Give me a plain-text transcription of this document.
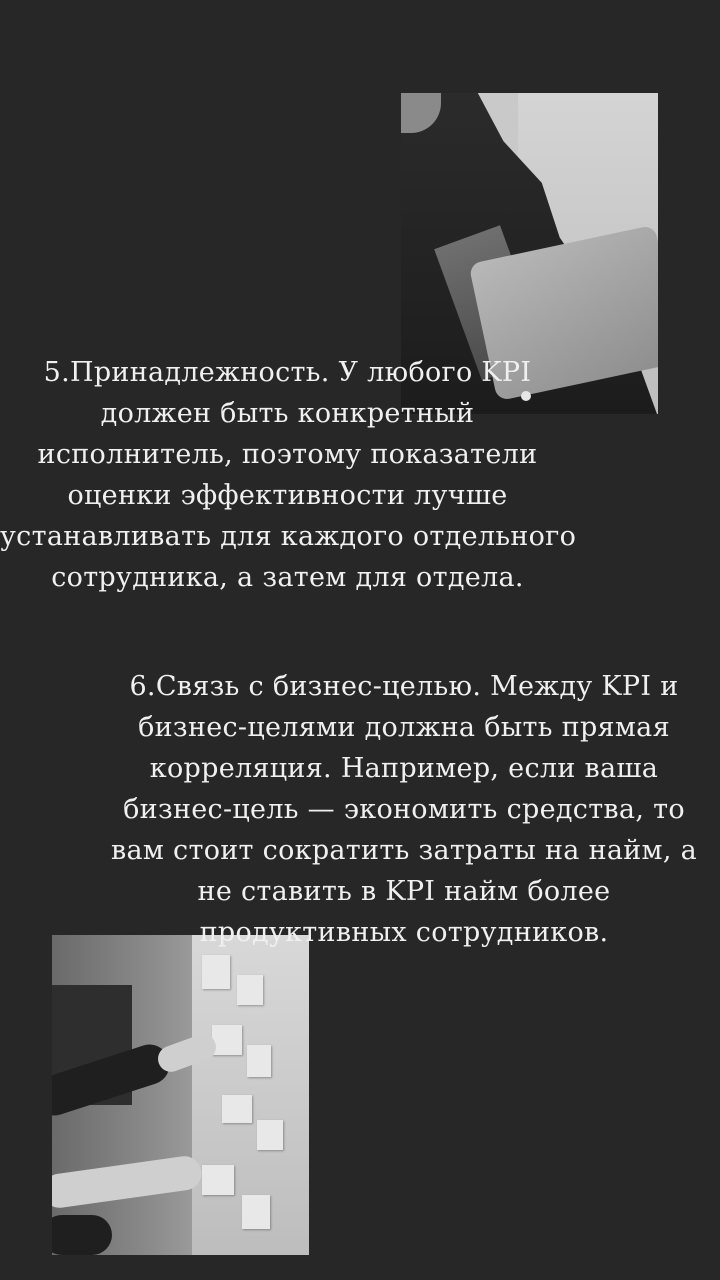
5.Принадлежность. У любого KPI
должен быть конкретный
исполнитель, поэтому показатели
оценки эффективности лучше
устанавливать для каждого отдельного
сотрудника, а затем для отдела.
6.Связь с бизнес-целью. Между KPI и
бизнес-целями должна быть прямая
корреляция. Например, если ваша
бизнес-цель — экономить средства, то
вам стоит сократить затраты на найм, а
не ставить в KPI найм более
продуктивных сотрудников.
